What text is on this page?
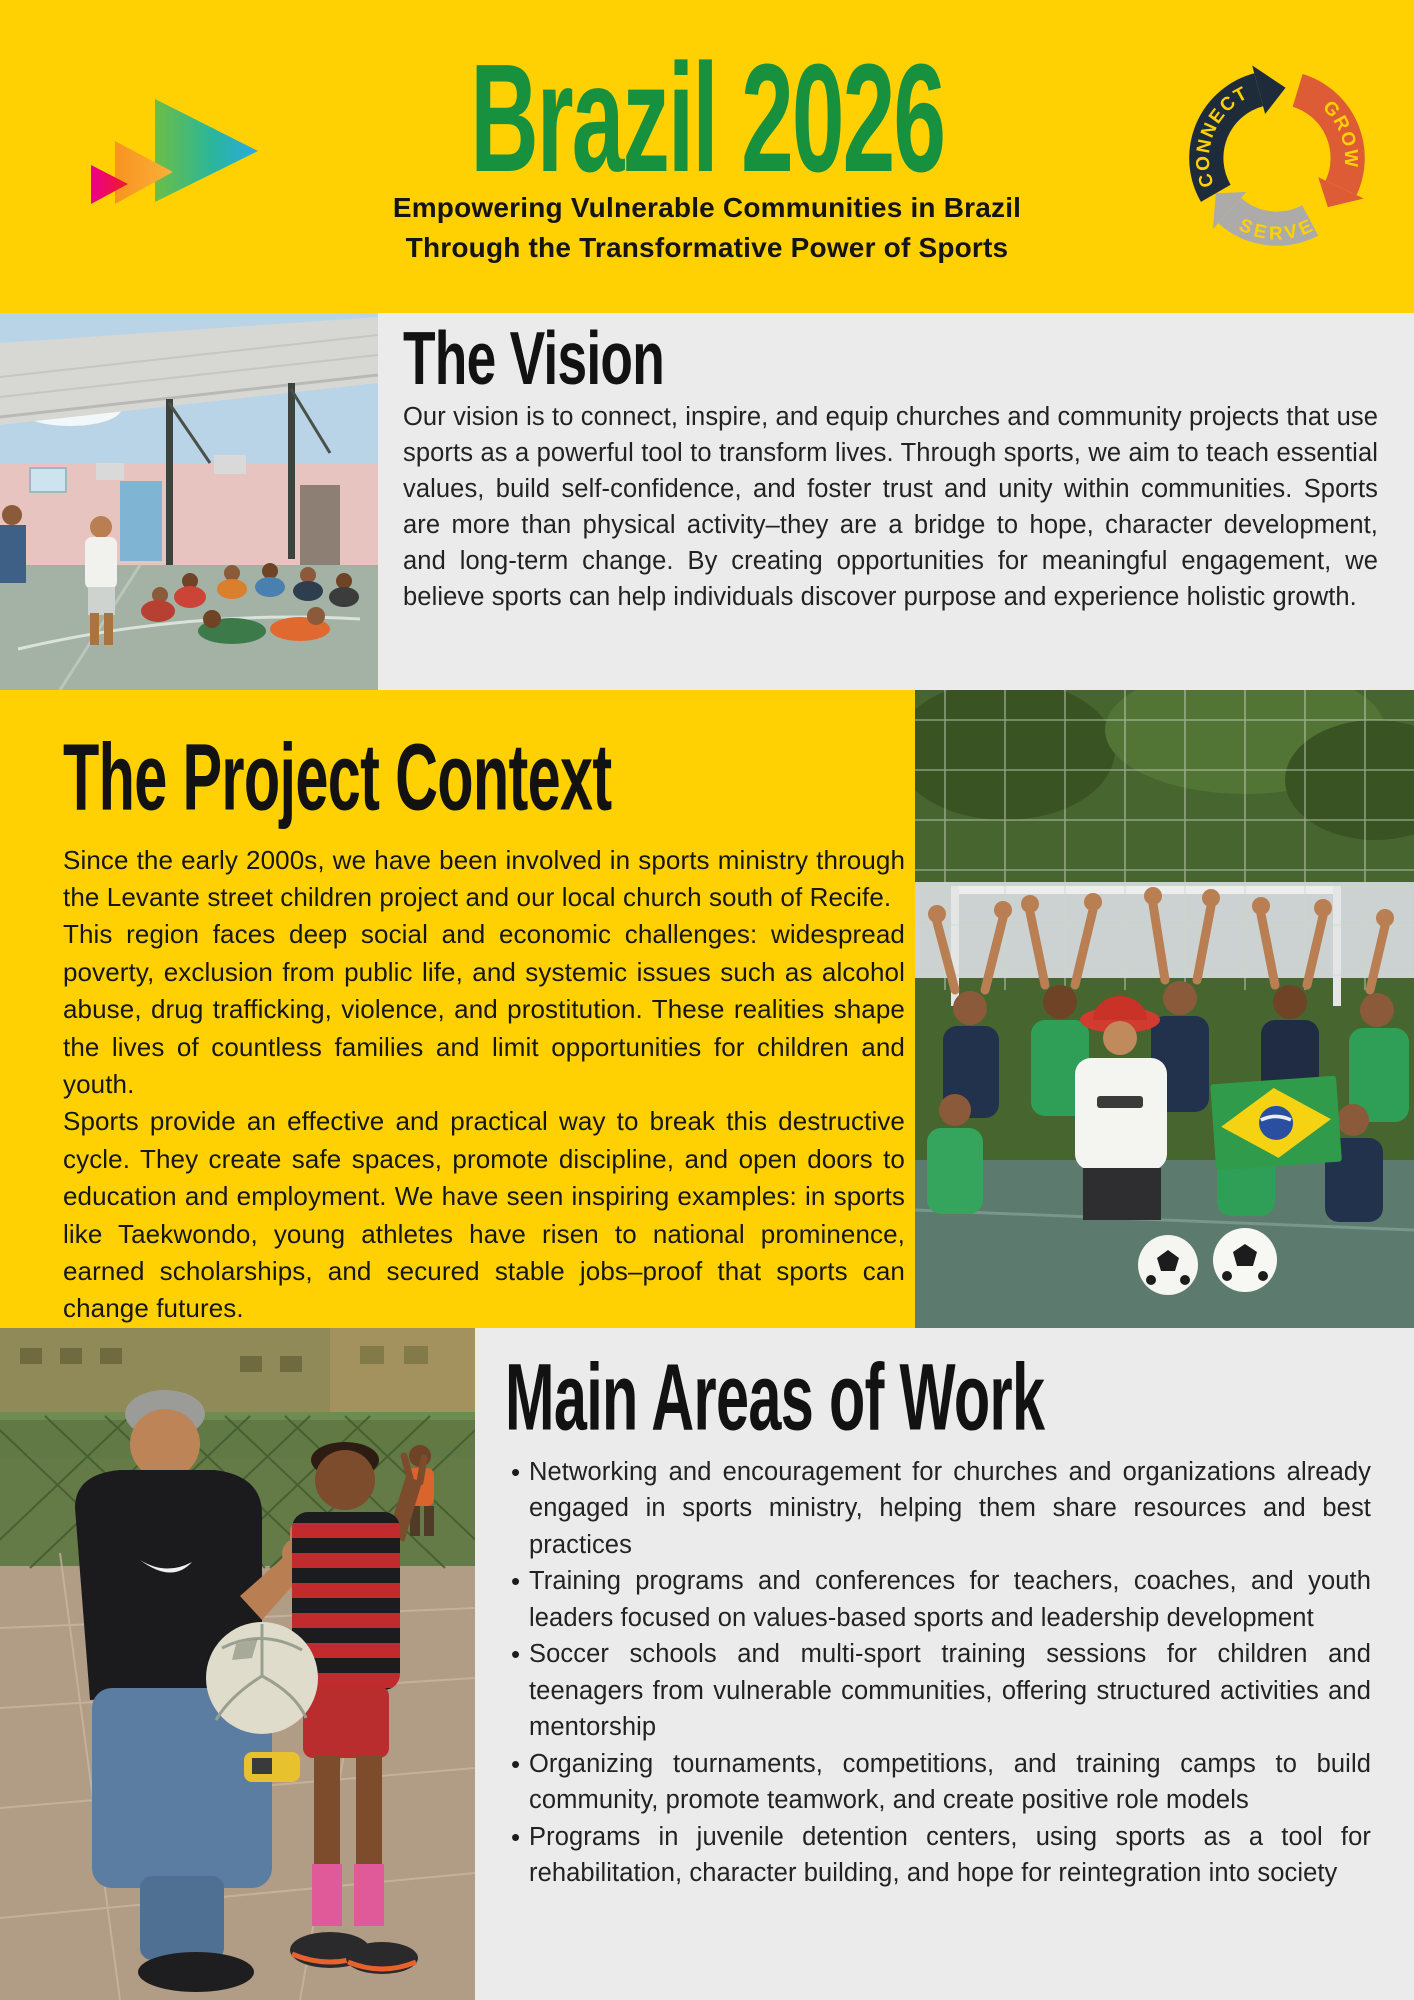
Brazil 2026
Empowering Vulnerable Communities in Brazil
Through the Transformative Power of Sports
CONNECT
GROW
SERVE
The Vision
Our vision is to connect, inspire, and equip churches and community projects that use sports as a powerful tool to transform lives. Through sports, we aim to teach essential values, build self-confidence, and foster trust and unity within communities. Sports are more than physical activity–they are a bridge to hope, character development, and long-term change. By creating opportunities for meaningful engagement, we believe sports can help individuals discover purpose and experience holistic growth.
The Project Context

Since the early 2000s, we have been involved in sports ministry through the Levante street children project and our local church south of Recife.

This region faces deep social and economic challenges: widespread poverty, exclusion from public life, and systemic issues such as alcohol abuse, drug trafficking, violence, and prostitution. These realities shape the lives of countless families and limit opportunities for children and youth.

Sports provide an effective and practical way to break this destructive cycle. They create safe spaces, promote discipline, and open doors to education and employment. We have seen inspiring examples: in sports like Taekwondo, young athletes have risen to national prominence, earned scholarships, and secured stable jobs–proof that sports can change futures.

Main Areas of Work
• Networking and encouragement for churches and organizations already engaged in sports ministry, helping them share resources and best practices
• Training programs and conferences for teachers, coaches, and youth leaders focused on values-based sports and leadership development
• Soccer schools and multi-sport training sessions for children and teenagers from vulnerable communities, offering structured activities and mentorship
• Organizing tournaments, competitions, and training camps to build community, promote teamwork, and create positive role models
• Programs in juvenile detention centers, using sports as a tool for rehabilitation, character building, and hope for reintegration into society
